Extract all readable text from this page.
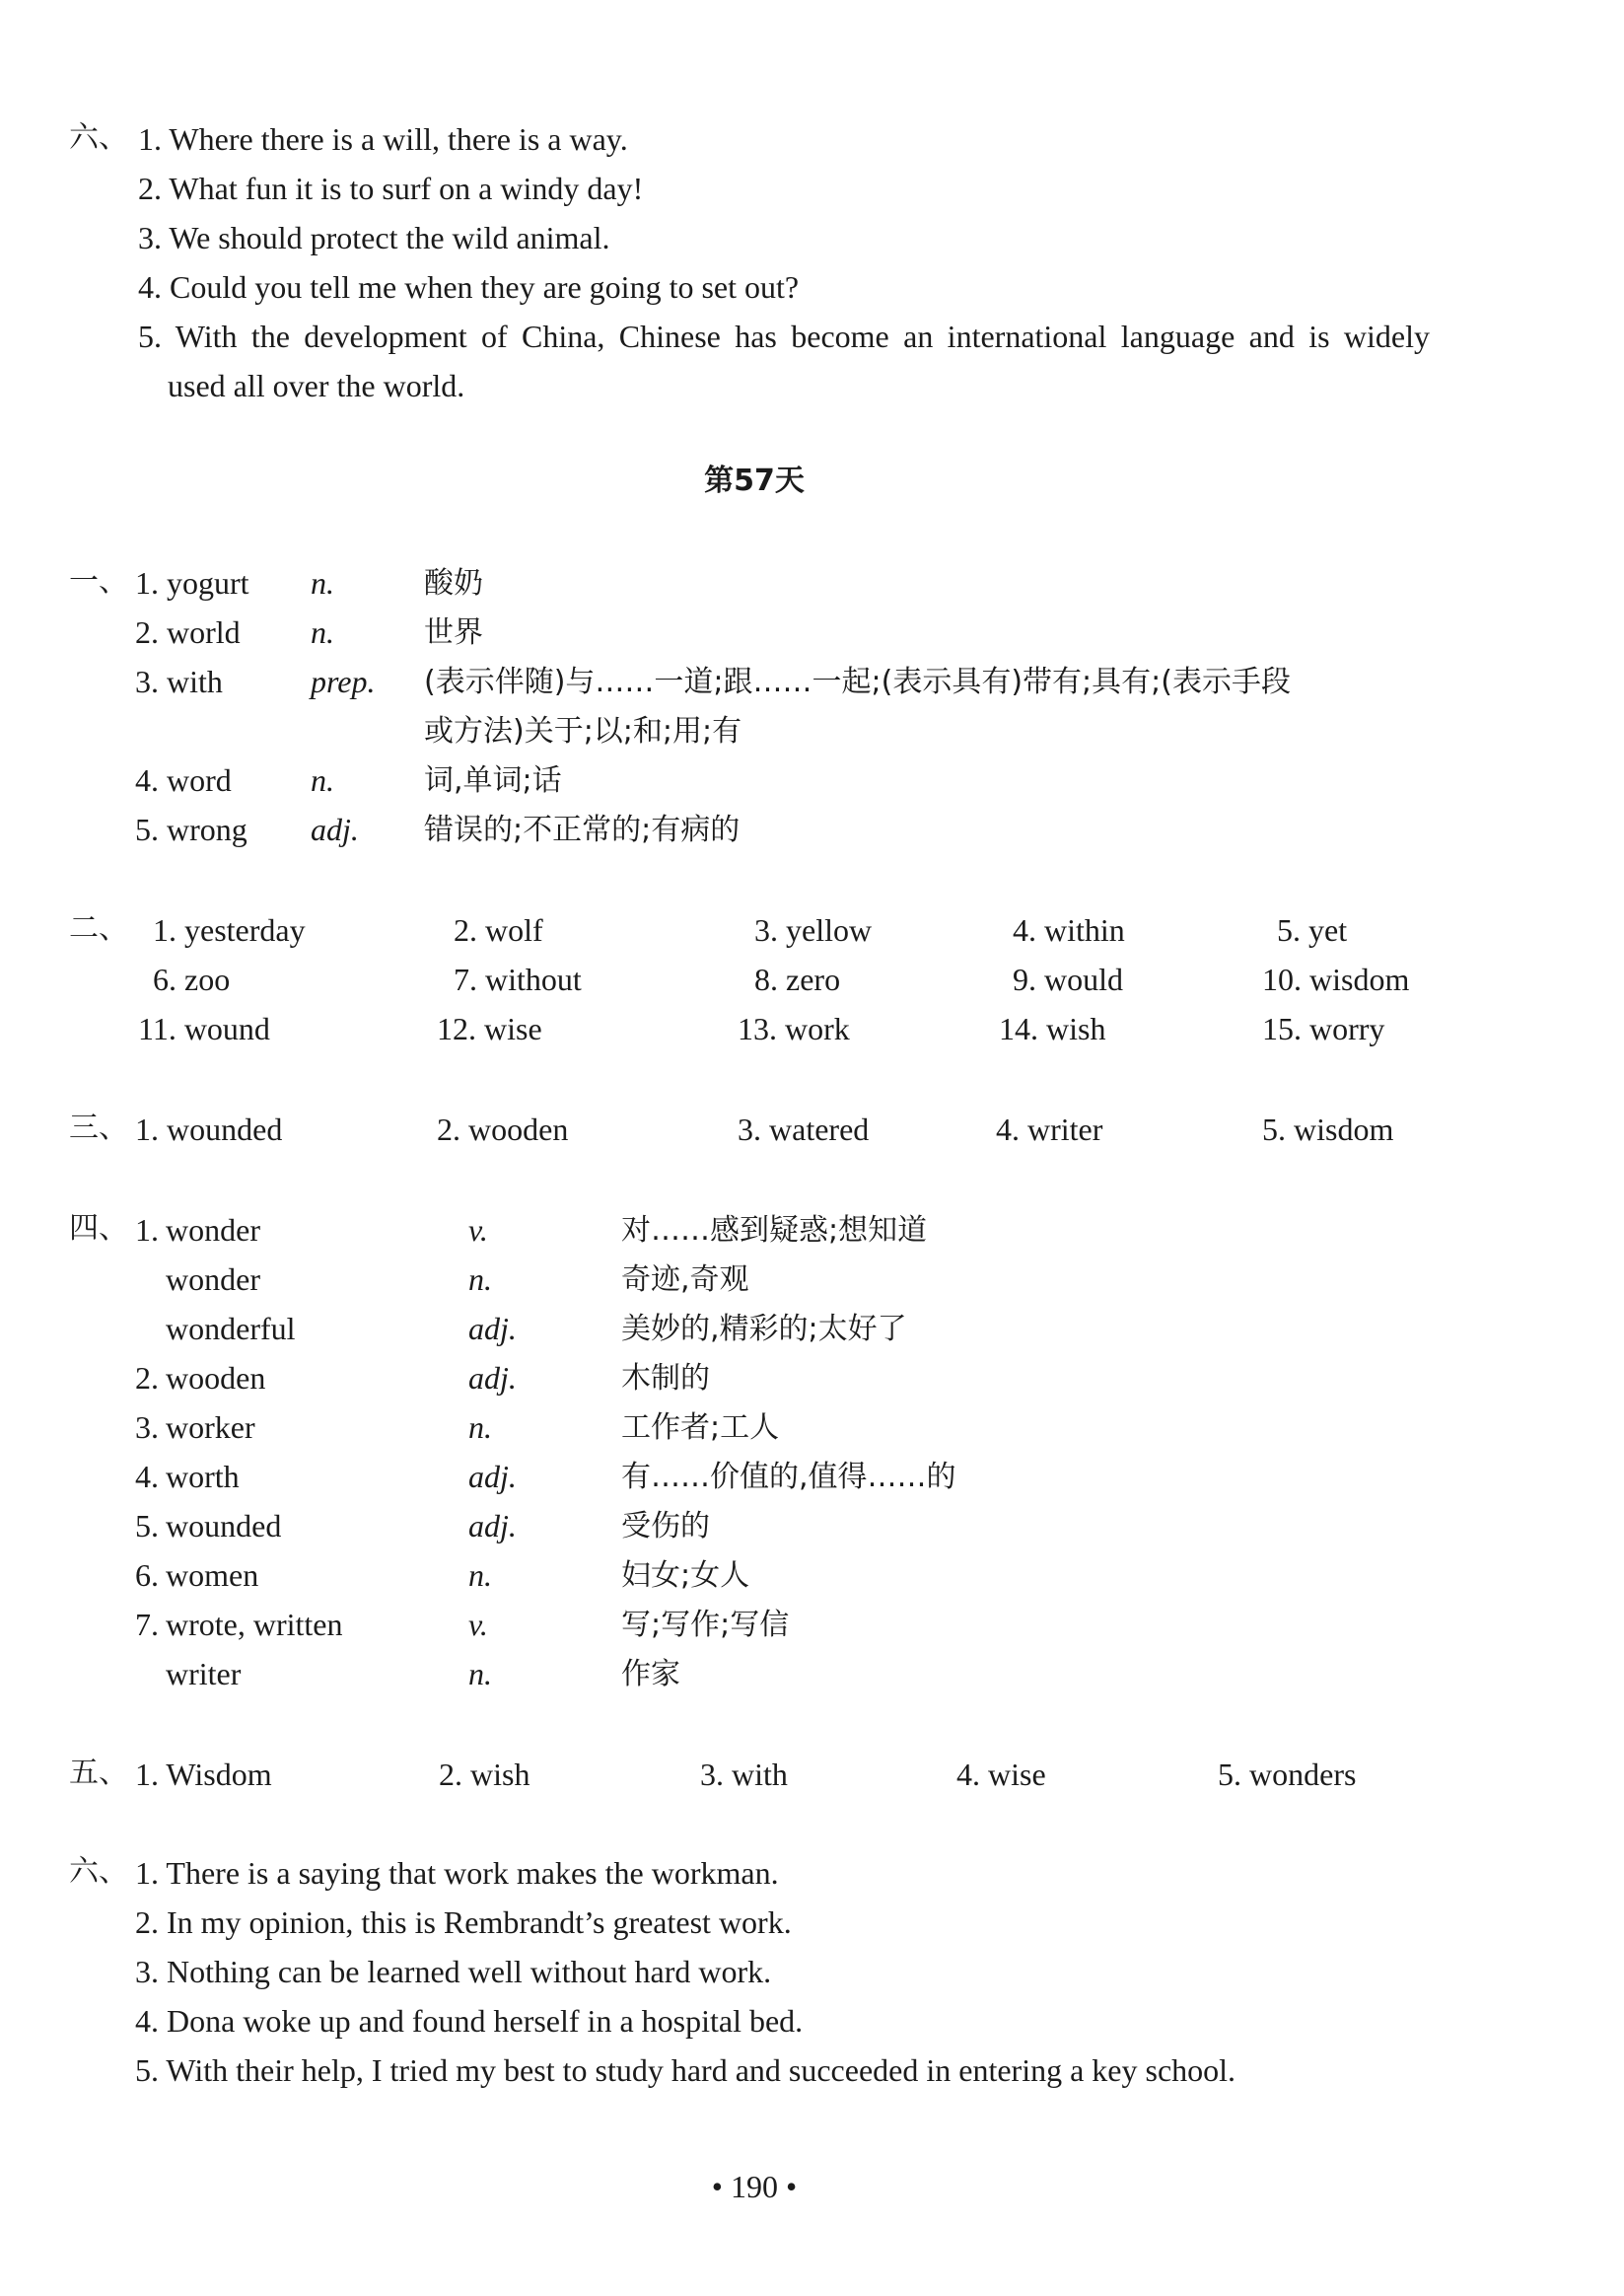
六、 1. Where there is a will, there is a way.
2. What fun it is to surf on a windy day!
3. We should protect the wild animal.
4. Could you tell me when they are going to set out?
5. With the development of China, Chinese has become an international language and is widely
used all over the world.
第57天
一、 1. yogurt n.	酸奶
2. world n.	世界
3. with	prep. (表示伴随)与……一道;跟……一起;(表示具有)带有;具有;(表示手段
或方法)关于;以;和;用;有
4. word	n.	词,单词;话
5. wrong adj. 错误的;不正常的;有病的
二、 1. yesterday	2. wolf	3. yellow	4. within	5. yet
6. zoo	7. without	8. zero	9. would	10. wisdom
11. wound	12. wise	13. work	14. wish	15. worry
三、 1. wounded	2. wooden	3. watered	4. writer	5. wisdom
四、 1. wonder	v.	对……感到疑惑;想知道
wonder	n.	奇迹,奇观
wonderful	adj.	美妙的,精彩的;太好了
2. wooden	adj.	木制的
3. worker	n.	工作者;工人
4. worth	adj.	有……价值的,值得……的
5. wounded	adj.	受伤的
6. women	n.	妇女;女人
7. wrote, written	v.	写;写作;写信
writer	n.	作家
五、 1. Wisdom	2. wish	3. with	4. wise	5. wonders
六、 1. There is a saying that work makes the workman.
2. In my opinion, this is Rembrandt’s greatest work.
3. Nothing can be learned well without hard work.
4. Dona woke up and found herself in a hospital bed.
5. With their help, I tried my best to study hard and succeeded in entering a key school.
• 190 •
